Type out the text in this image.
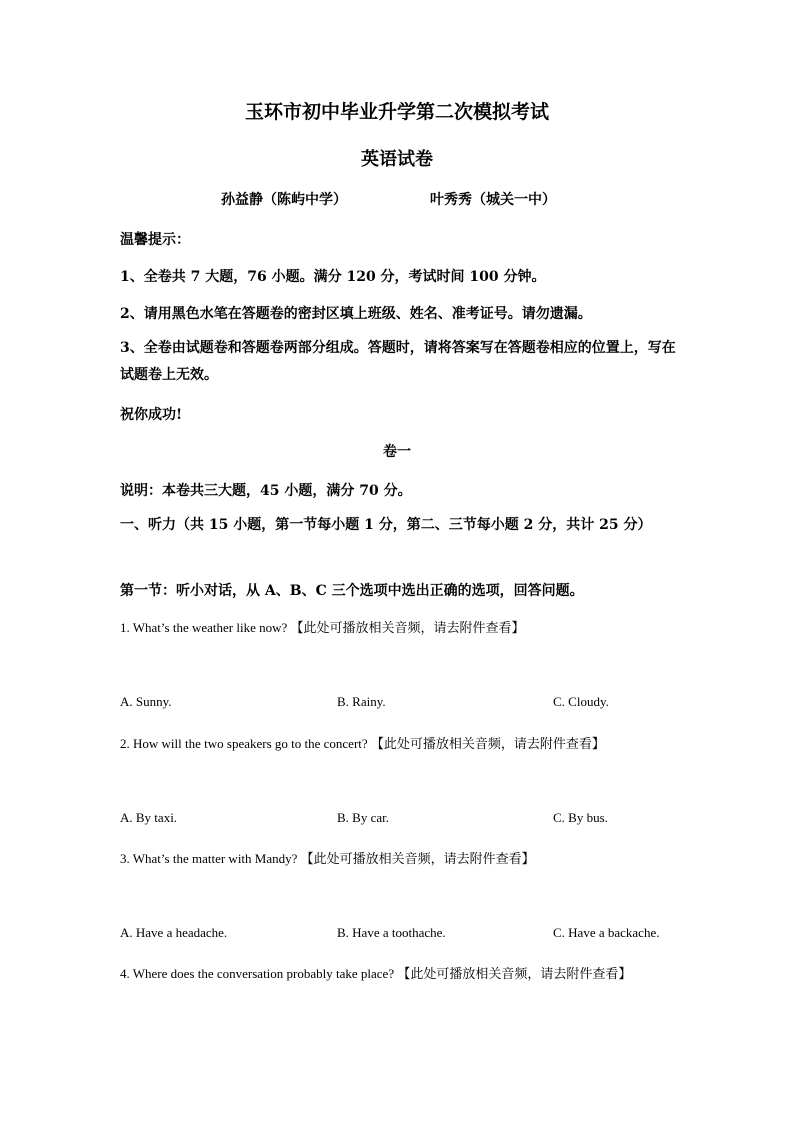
玉环市初中毕业升学第二次模拟考试
英语试卷
孙益静（陈屿中学）	叶秀秀（城关一中）
温馨提示：
1、全卷共 7 大题，76 小题。满分 120 分，考试时间 100 分钟。
2、请用黑色水笔在答题卷的密封区填上班级、姓名、准考证号。请勿遗漏。
3、全卷由试题卷和答题卷两部分组成。答题时，请将答案写在答题卷相应的位置上，写在试题卷上无效。
祝你成功!
卷一
说明：本卷共三大题，45 小题，满分 70 分。
一、听力（共 15 小题，第一节每小题 1 分，第二、三节每小题 2 分，共计 25 分）
第一节：听小对话，从 A、B、C 三个选项中选出正确的选项，回答问题。
1. What’s the weather like now? 【此处可播放相关音频，请去附件查看】
A. Sunny.	B. Rainy.	C. Cloudy.
2. How will the two speakers go to the concert? 【此处可播放相关音频，请去附件查看】
A. By taxi.	B. By car.	C. By bus.
3. What’s the matter with Mandy? 【此处可播放相关音频，请去附件查看】
A. Have a headache.	B. Have a toothache.	C. Have a backache.
4. Where does the conversation probably take place? 【此处可播放相关音频，请去附件查看】
